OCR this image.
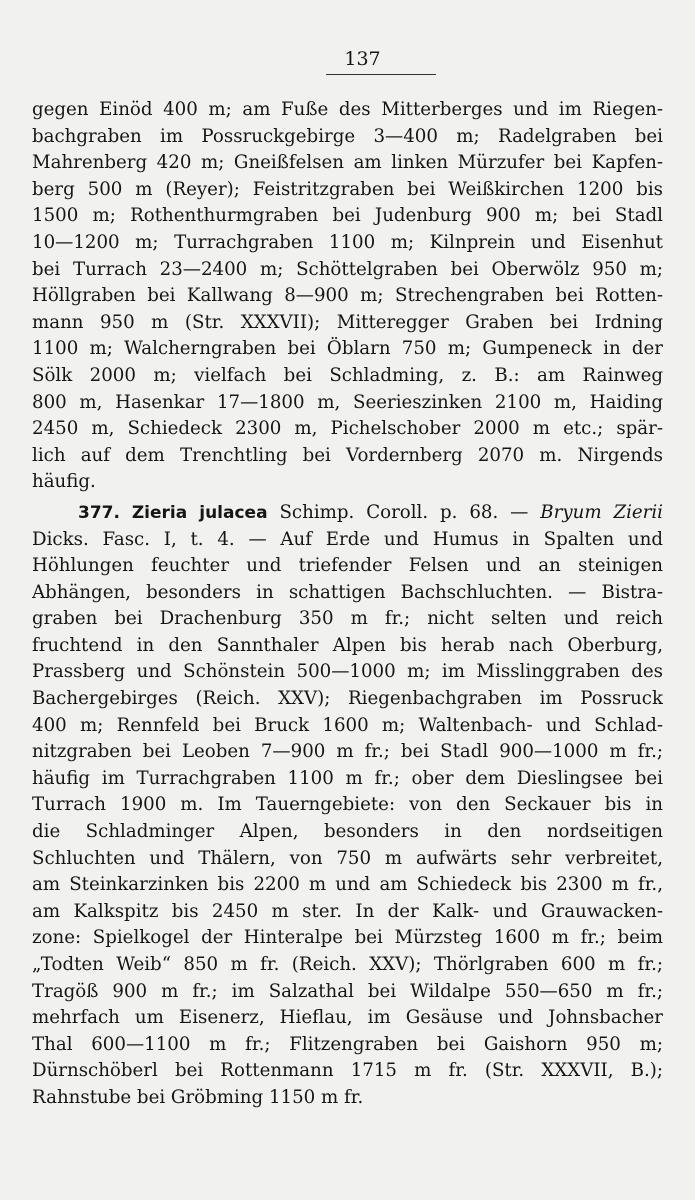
137
gegen Einöd 400 m; am Fuße des Mitterberges und im Riegen-
bachgraben im Possruckgebirge 3—400 m; Radelgraben bei
Mahrenberg 420 m; Gneißfelsen am linken Mürzufer bei Kapfen-
berg 500 m (Reyer); Feistritzgraben bei Weißkirchen 1200 bis
1500 m; Rothenthurmgraben bei Judenburg 900 m; bei Stadl
10—1200 m; Turrachgraben 1100 m; Kilnprein und Eisenhut
bei Turrach 23—2400 m; Schöttelgraben bei Oberwölz 950 m;
Höllgraben bei Kallwang 8—900 m; Strechengraben bei Rotten-
mann 950 m (Str. XXXVII); Mitteregger Graben bei Irdning
1100 m; Walcherngraben bei Öblarn 750 m; Gumpeneck in der
Sölk 2000 m; vielfach bei Schladming, z. B.: am Rainweg
800 m, Hasenkar 17—1800 m, Seerieszinken 2100 m, Haiding
2450 m, Schiedeck 2300 m, Pichelschober 2000 m etc.; spär-
lich auf dem Trenchtling bei Vordernberg 2070 m. Nirgends
häufig.
377. Zieria julacea Schimp. Coroll. p. 68. — Bryum Zierii
Dicks. Fasc. I, t. 4. — Auf Erde und Humus in Spalten und
Höhlungen feuchter und triefender Felsen und an steinigen
Abhängen, besonders in schattigen Bachschluchten. — Bistra-
graben bei Drachenburg 350 m fr.; nicht selten und reich
fruchtend in den Sannthaler Alpen bis herab nach Oberburg,
Prassberg und Schönstein 500—1000 m; im Misslinggraben des
Bachergebirges (Reich. XXV); Riegenbachgraben im Possruck
400 m; Rennfeld bei Bruck 1600 m; Waltenbach- und Schlad-
nitzgraben bei Leoben 7—900 m fr.; bei Stadl 900—1000 m fr.;
häufig im Turrachgraben 1100 m fr.; ober dem Dieslingsee bei
Turrach 1900 m. Im Tauerngebiete: von den Seckauer bis in
die Schladminger Alpen, besonders in den nordseitigen
Schluchten und Thälern, von 750 m aufwärts sehr verbreitet,
am Steinkarzinken bis 2200 m und am Schiedeck bis 2300 m fr.,
am Kalkspitz bis 2450 m ster. In der Kalk- und Grauwacken-
zone: Spielkogel der Hinteralpe bei Mürzsteg 1600 m fr.; beim
„Todten Weib“ 850 m fr. (Reich. XXV); Thörlgraben 600 m fr.;
Tragöß 900 m fr.; im Salzathal bei Wildalpe 550—650 m fr.;
mehrfach um Eisenerz, Hieflau, im Gesäuse und Johnsbacher
Thal 600—1100 m fr.; Flitzengraben bei Gaishorn 950 m;
Dürnschöberl bei Rottenmann 1715 m fr. (Str. XXXVII, B.);
Rahnstube bei Gröbming 1150 m fr.
